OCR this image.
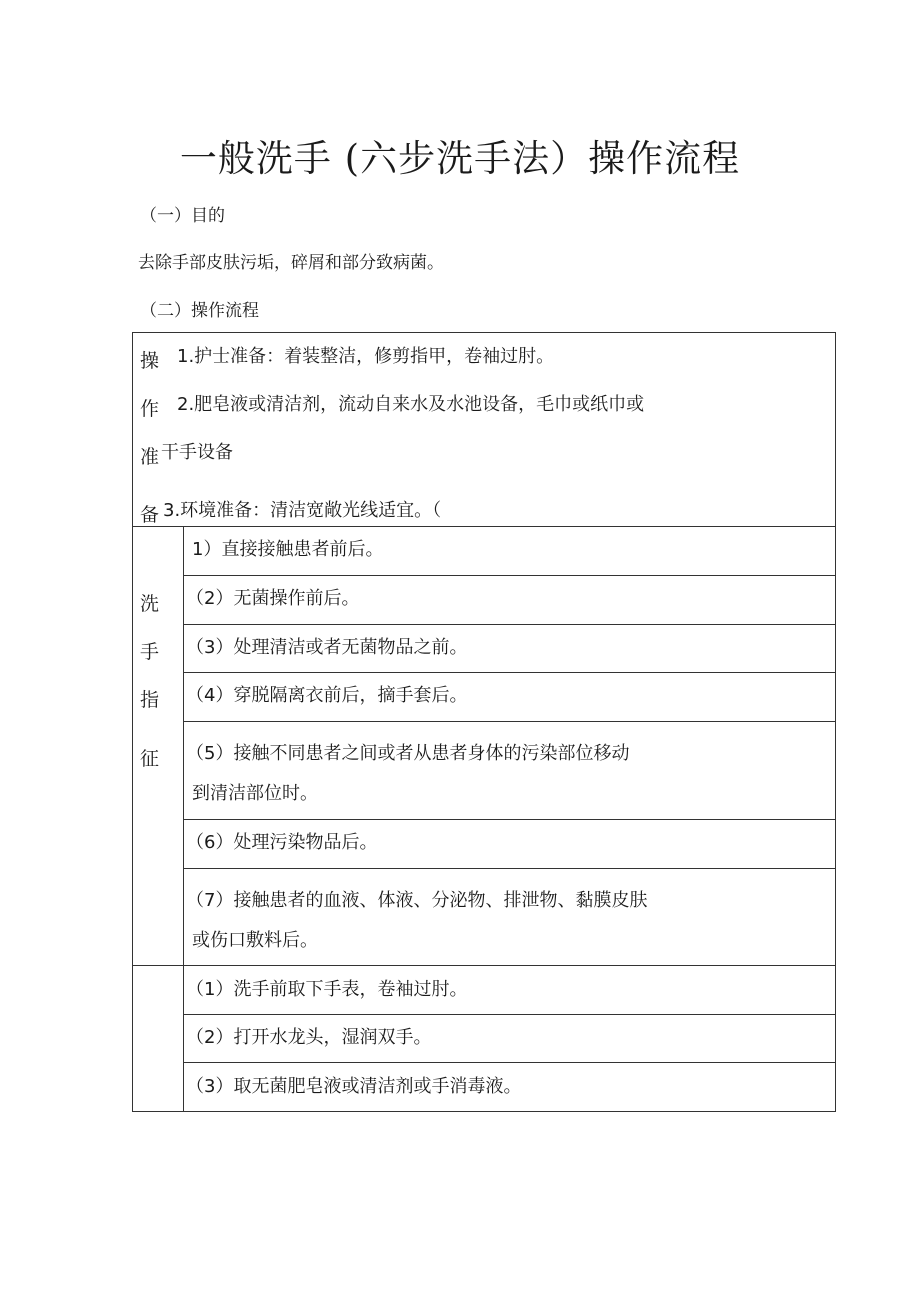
一般洗手 (六步洗手法）操作流程
（一）目的
去除手部皮肤污垢，碎屑和部分致病菌。
（二）操作流程
操
作
准
备
1.护士准备：着装整洁，修剪指甲，卷袖过肘。
2.肥皂液或清洁剂，流动自来水及水池设备，毛巾或纸巾或
干手设备
3.环境准备：清洁宽敞光线适宜。（
洗
手
指
征
1）直接接触患者前后。
（2）无菌操作前后。
（3）处理清洁或者无菌物品之前。
（4）穿脱隔离衣前后，摘手套后。
（5）接触不同患者之间或者从患者身体的污染部位移动
到清洁部位时。
（6）处理污染物品后。
（7）接触患者的血液、体液、分泌物、排泄物、黏膜皮肤
或伤口敷料后。
（1）洗手前取下手表，卷袖过肘。
（2）打开水龙头，湿润双手。
（3）取无菌肥皂液或清洁剂或手消毒液。
